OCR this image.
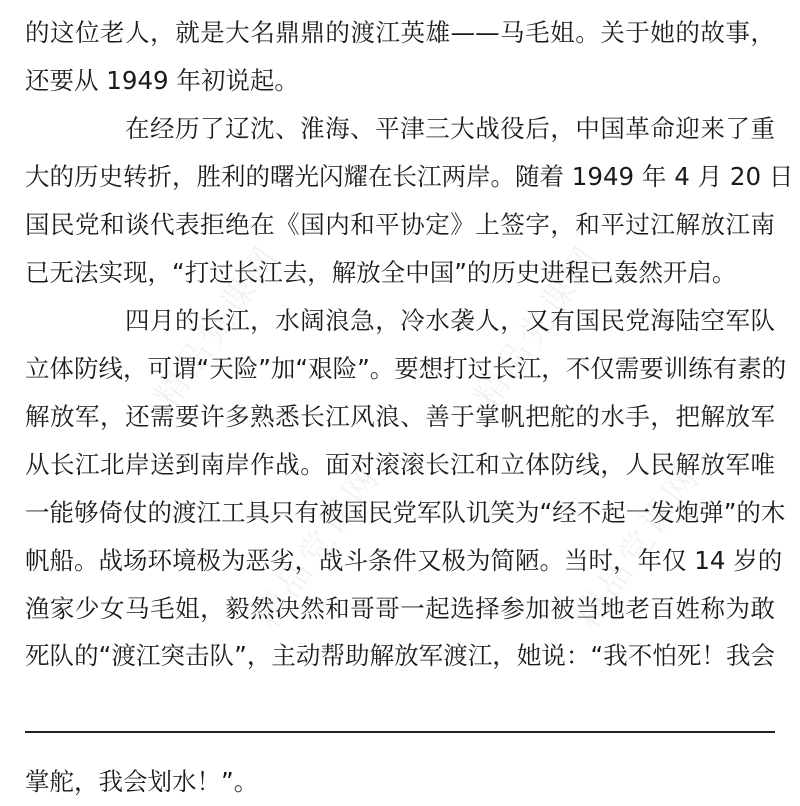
精品党课网	精品党课网
精品党课网	精品党课网
的这位老人，就是大名鼎鼎的渡江英雄——马毛姐。关于她的故事，
还要从 1949 年初说起。
在经历了辽沈、淮海、平津三大战役后，中国革命迎来了重
大的历史转折，胜利的曙光闪耀在长江两岸。随着 1949 年 4 月 20 日
国民党和谈代表拒绝在《国内和平协定》上签字，和平过江解放江南
已无法实现，“打过长江去，解放全中国”的历史进程已轰然开启。
四月的长江，水阔浪急，冷水袭人，又有国民党海陆空军队
立体防线，可谓“天险”加“艰险”。要想打过长江，不仅需要训练有素的
解放军，还需要许多熟悉长江风浪、善于掌帆把舵的水手，把解放军
从长江北岸送到南岸作战。面对滚滚长江和立体防线，人民解放军唯
一能够倚仗的渡江工具只有被国民党军队讥笑为“经不起一发炮弹”的木
帆船。战场环境极为恶劣，战斗条件又极为简陋。当时，年仅 14 岁的
渔家少女马毛姐，毅然决然和哥哥一起选择参加被当地老百姓称为敢
死队的“渡江突击队”，主动帮助解放军渡江，她说：“我不怕死！我会
掌舵，我会划水！”。
